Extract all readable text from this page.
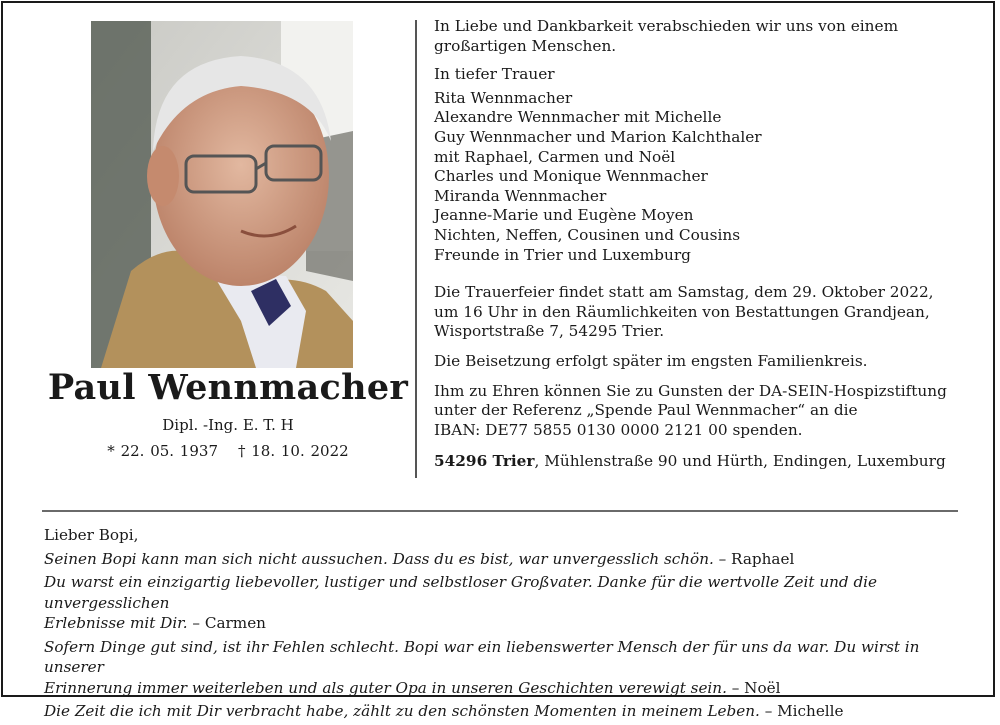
Paul Wennmacher
Dipl. -Ing. E. T. H
* 22. 05. 1937 † 18. 10. 2022

In Liebe und Dankbarkeit verabschieden wir uns von einem

großartigen Menschen.

In tiefer Trauer

Rita Wennmacher

Alexandre Wennmacher mit Michelle

Guy Wennmacher und Marion Kalchthaler

mit Raphael, Carmen und Noël

Charles und Monique Wennmacher

Miranda Wennmacher

Jeanne-Marie und Eugène Moyen

Nichten, Neffen, Cousinen und Cousins

Freunde in Trier und Luxemburg

Die Trauerfeier findet statt am Samstag, dem 29. Oktober 2022,

um 16 Uhr in den Räumlichkeiten von Bestattungen Grandjean,

Wisportstraße 7, 54295 Trier.

Die Beisetzung erfolgt später im engsten Familienkreis.

Ihm zu Ehren können Sie zu Gunsten der DA-SEIN-Hospizstiftung

unter der Referenz „Spende Paul Wennmacher“ an die

IBAN: DE77 5855 0130 0000 2121 00 spenden.

54296 Trier, Mühlenstraße 90 und Hürth, Endingen, Luxemburg

Lieber Bopi,

Seinen Bopi kann man sich nicht aussuchen. Dass du es bist, war unvergesslich schön. – Raphael

Du warst ein einzigartig liebevoller, lustiger und selbstloser Großvater. Danke für die wertvolle Zeit und die unvergesslichen
Erlebnisse mit Dir. – Carmen

Sofern Dinge gut sind, ist ihr Fehlen schlecht. Bopi war ein liebenswerter Mensch der für uns da war. Du wirst in unserer
Erinnerung immer weiterleben und als guter Opa in unseren Geschichten verewigt sein. – Noël

Die Zeit die ich mit Dir verbracht habe, zählt zu den schönsten Momenten in meinem Leben. – Michelle
